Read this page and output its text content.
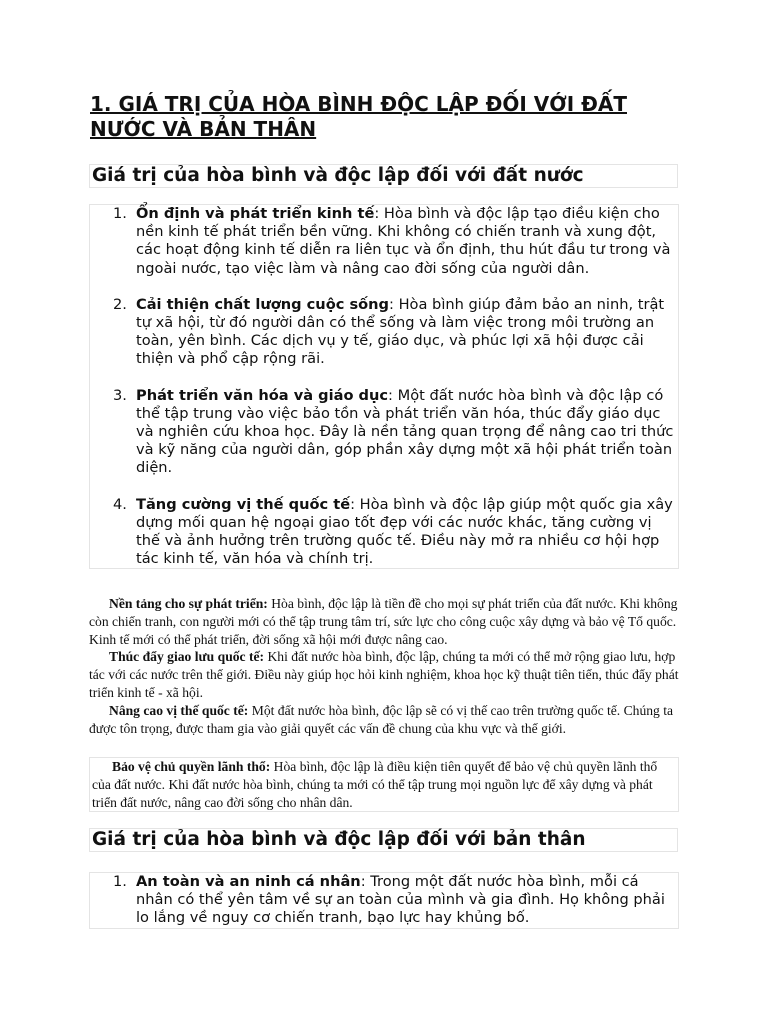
1. GIÁ TRỊ CỦA HÒA BÌNH ĐỘC LẬP ĐỐI VỚI ĐẤT NƯỚC VÀ BẢN THÂN
Giá trị của hòa bình và độc lập đối với đất nước
1. Ổn định và phát triển kinh tế: Hòa bình và độc lập tạo điều kiện cho nền kinh tế phát triển bền vững. Khi không có chiến tranh và xung đột, các hoạt động kinh tế diễn ra liên tục và ổn định, thu hút đầu tư trong và ngoài nước, tạo việc làm và nâng cao đời sống của người dân.
2. Cải thiện chất lượng cuộc sống: Hòa bình giúp đảm bảo an ninh, trật tự xã hội, từ đó người dân có thể sống và làm việc trong môi trường an toàn, yên bình. Các dịch vụ y tế, giáo dục, và phúc lợi xã hội được cải thiện và phổ cập rộng rãi.
3. Phát triển văn hóa và giáo dục: Một đất nước hòa bình và độc lập có thể tập trung vào việc bảo tồn và phát triển văn hóa, thúc đẩy giáo dục và nghiên cứu khoa học. Đây là nền tảng quan trọng để nâng cao tri thức và kỹ năng của người dân, góp phần xây dựng một xã hội phát triển toàn diện.
4. Tăng cường vị thế quốc tế: Hòa bình và độc lập giúp một quốc gia xây dựng mối quan hệ ngoại giao tốt đẹp với các nước khác, tăng cường vị thế và ảnh hưởng trên trường quốc tế. Điều này mở ra nhiều cơ hội hợp tác kinh tế, văn hóa và chính trị.

Nền tảng cho sự phát triển: Hòa bình, độc lập là tiền đề cho mọi sự phát triển của đất nước. Khi không còn chiến tranh, con người mới có thể tập trung tâm trí, sức lực cho công cuộc xây dựng và bảo vệ Tổ quốc. Kinh tế mới có thể phát triển, đời sống xã hội mới được nâng cao.

Thúc đẩy giao lưu quốc tế: Khi đất nước hòa bình, độc lập, chúng ta mới có thể mở rộng giao lưu, hợp tác với các nước trên thế giới. Điều này giúp học hỏi kinh nghiệm, khoa học kỹ thuật tiên tiến, thúc đẩy phát triển kinh tế - xã hội.

Nâng cao vị thế quốc tế: Một đất nước hòa bình, độc lập sẽ có vị thế cao trên trường quốc tế. Chúng ta được tôn trọng, được tham gia vào giải quyết các vấn đề chung của khu vực và thế giới.

Bảo vệ chủ quyền lãnh thổ: Hòa bình, độc lập là điều kiện tiên quyết để bảo vệ chủ quyền lãnh thổ của đất nước. Khi đất nước hòa bình, chúng ta mới có thể tập trung mọi nguồn lực để xây dựng và phát triển đất nước, nâng cao đời sống cho nhân dân.

Giá trị của hòa bình và độc lập đối với bản thân
1. An toàn và an ninh cá nhân: Trong một đất nước hòa bình, mỗi cá nhân có thể yên tâm về sự an toàn của mình và gia đình. Họ không phải lo lắng về nguy cơ chiến tranh, bạo lực hay khủng bố.
